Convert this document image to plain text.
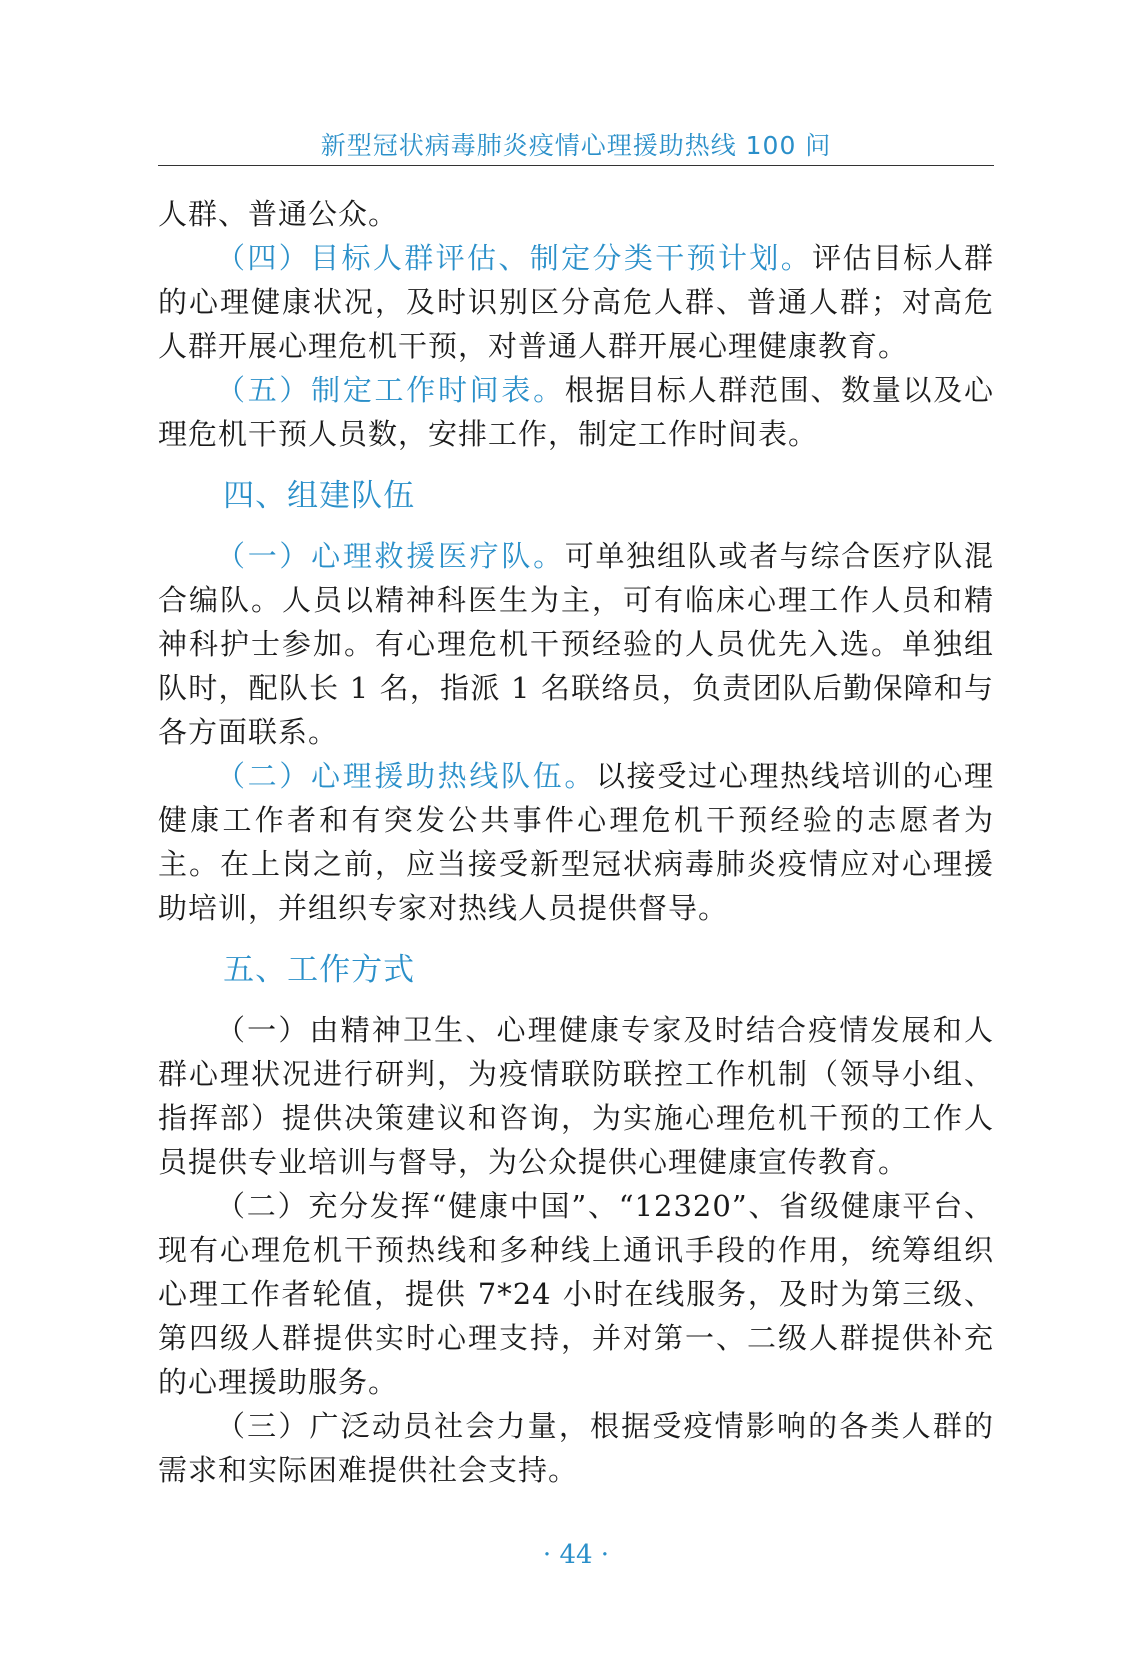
新型冠状病毒肺炎疫情心理援助热线 100 问

人群、普通公众。

（四）目标人群评估、制定分类干预计划。评估目标人群的心理健康状况，及时识别区分高危人群、普通人群；对高危人群开展心理危机干预，对普通人群开展心理健康教育。

（五）制定工作时间表。根据目标人群范围、数量以及心理危机干预人员数，安排工作，制定工作时间表。

四、组建队伍

（一）心理救援医疗队。可单独组队或者与综合医疗队混合编队。人员以精神科医生为主，可有临床心理工作人员和精神科护士参加。有心理危机干预经验的人员优先入选。单独组队时，配队长 1 名，指派 1 名联络员，负责团队后勤保障和与各方面联系。

（二）心理援助热线队伍。以接受过心理热线培训的心理健康工作者和有突发公共事件心理危机干预经验的志愿者为主。在上岗之前，应当接受新型冠状病毒肺炎疫情应对心理援助培训，并组织专家对热线人员提供督导。

五、工作方式

（一）由精神卫生、心理健康专家及时结合疫情发展和人群心理状况进行研判，为疫情联防联控工作机制（领导小组、指挥部）提供决策建议和咨询，为实施心理危机干预的工作人员提供专业培训与督导，为公众提供心理健康宣传教育。

（二）充分发挥“健康中国”、“12320”、省级健康平台、现有心理危机干预热线和多种线上通讯手段的作用，统筹组织心理工作者轮值，提供 7*24 小时在线服务，及时为第三级、第四级人群提供实时心理支持，并对第一、二级人群提供补充的心理援助服务。

（三）广泛动员社会力量，根据受疫情影响的各类人群的需求和实际困难提供社会支持。

· 44 ·
